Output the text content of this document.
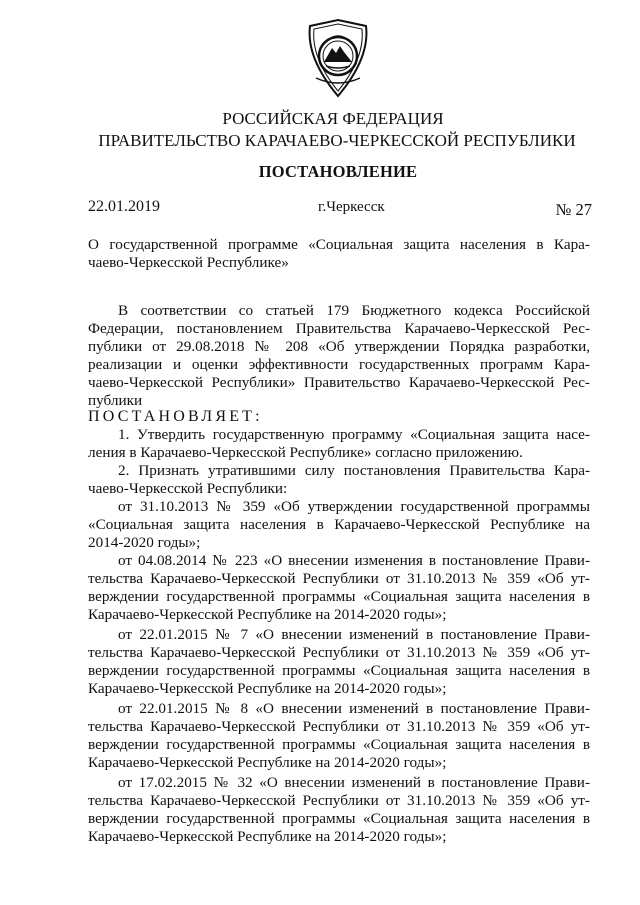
РОССИЙСКАЯ ФЕДЕРАЦИЯ
ПРАВИТЕЛЬСТВО КАРАЧАЕВО-ЧЕРКЕССКОЙ РЕСПУБЛИКИ
ПОСТАНОВЛЕНИЕ
22.01.2019	г.Черкесск	№ 27
О государственной программе «Социальная защита населения в Кара-
чаево-Черкесской Республике»
В соответствии со статьей 179 Бюджетного кодекса Российской
Федерации, постановлением Правительства Карачаево-Черкесской Рес-
публики от 29.08.2018 № 208 «Об утверждении Порядка разработки,
реализации и оценки эффективности государственных программ Кара-
чаево-Черкесской Республики» Правительство Карачаево-Черкесской Рес-
публики
ПОСТАНОВЛЯЕТ:
1. Утвердить государственную программу «Социальная защита насе-
ления в Карачаево-Черкесской Республике» согласно приложению.
2. Признать утратившими силу постановления Правительства Кара-
чаево-Черкесской Республики:
от 31.10.2013 № 359 «Об утверждении государственной программы
«Социальная защита населения в Карачаево-Черкесской Республике на
2014-2020 годы»;
от 04.08.2014 № 223 «О внесении изменения в постановление Прави-
тельства Карачаево-Черкесской Республики от 31.10.2013 № 359 «Об ут-
верждении государственной программы «Социальная защита населения в
Карачаево-Черкесской Республике на 2014-2020 годы»;
от 22.01.2015 № 7 «О внесении изменений в постановление Прави-
тельства Карачаево-Черкесской Республики от 31.10.2013 № 359 «Об ут-
верждении государственной программы «Социальная защита населения в
Карачаево-Черкесской Республике на 2014-2020 годы»;
от 22.01.2015 № 8 «О внесении изменений в постановление Прави-
тельства Карачаево-Черкесской Республики от 31.10.2013 № 359 «Об ут-
верждении государственной программы «Социальная защита населения в
Карачаево-Черкесской Республике на 2014-2020 годы»;
от 17.02.2015 № 32 «О внесении изменений в постановление Прави-
тельства Карачаево-Черкесской Республики от 31.10.2013 № 359 «Об ут-
верждении государственной программы «Социальная защита населения в
Карачаево-Черкесской Республике на 2014-2020 годы»;
